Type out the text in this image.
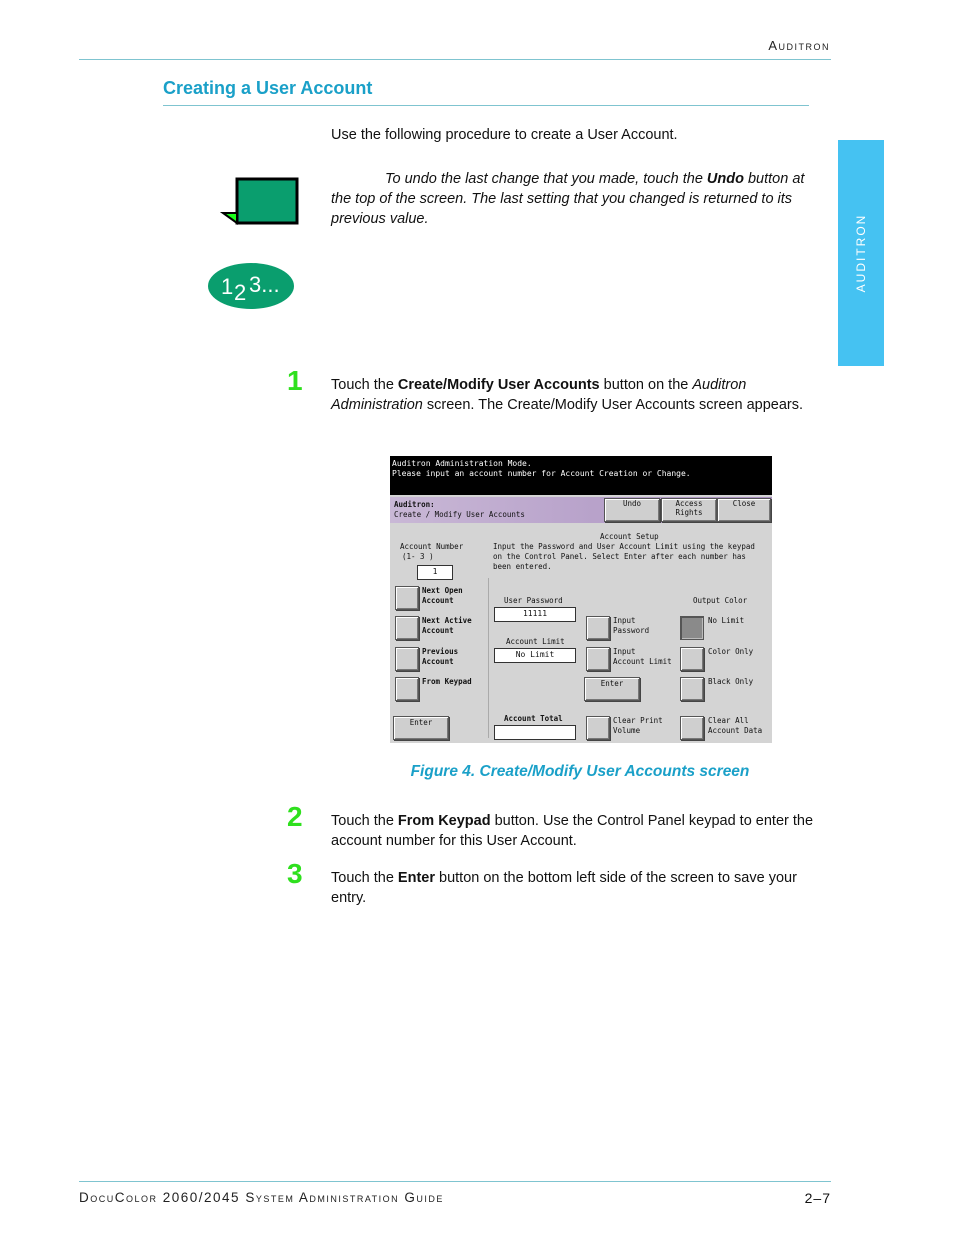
Auditron
Creating a User Account
AUDITRON
Use the following procedure to create a User Account.
To undo the last change that you made, touch the Undo button at the top of the screen. The last setting that you changed is returned to its previous value.
1 2 3...
1	Touch the Create/Modify User Accounts button on the Auditron Administration screen. The Create/Modify User Accounts screen appears.
Auditron Administration Mode.
Please input an account number for Account Creation or Change.
Auditron:
Create / Modify User Accounts
Undo	Access
Rights
Close
Account Number
(1- 3 )
1
Next Open
Account
Next Active
Account
Previous
Account
From Keypad
Enter
Account Setup
Input the Password and User Account Limit using the keypad
on the Control Panel. Select Enter after each number has
been entered.
User Password
11111
Account Limit
No Limit
Account Total
Input
Password
Input
Account Limit
Enter
Clear Print
Volume
Output Color
No Limit
Color Only
Black Only
Clear All
Account Data
Figure 4. Create/Modify User Accounts screen
2	Touch the From Keypad button. Use the Control Panel keypad to enter the account number for this User Account.
3	Touch the Enter button on the bottom left side of the screen to save your entry.
DocuColor 2060/2045 System Administration Guide	2–7
